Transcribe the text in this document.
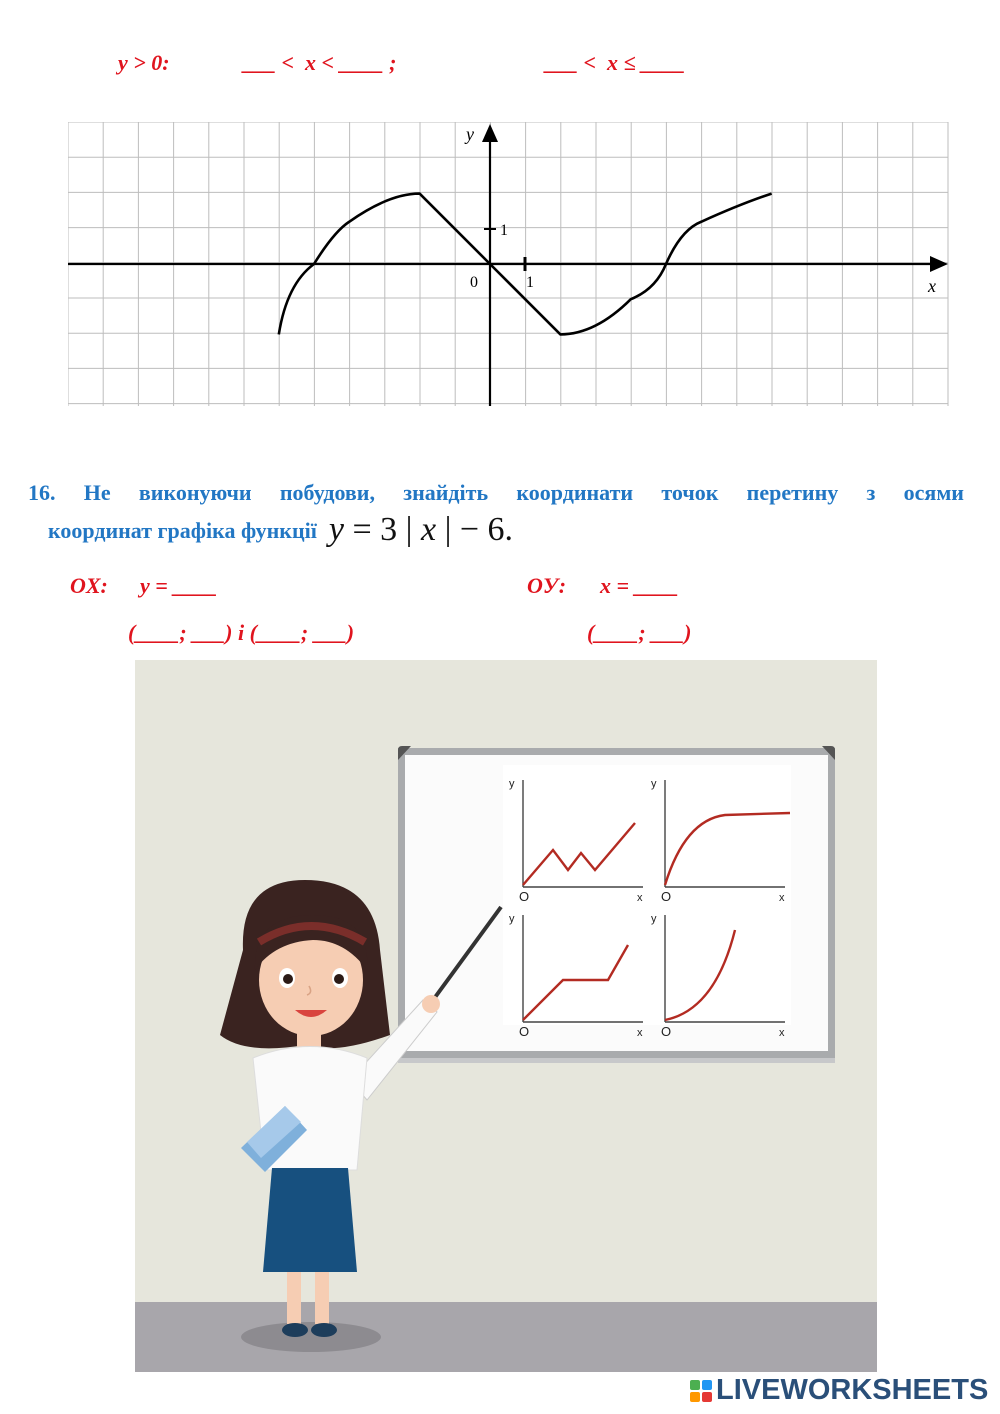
y > 0:	___ <  x < ____ ;	___ <  x ≤ ____
y
x
0
1
1
16. Не виконуючи побудови, знайдіть координати точок перетину з осями
координат графіка функції y = 3 | x | − 6.
OX: y = ____
(____; ___) і (____; ___)
OУ: x = ____
(____; ___)
y
x
O
y
x
O
y
x
O
y
x
O
LIVEWORKSHEETS
